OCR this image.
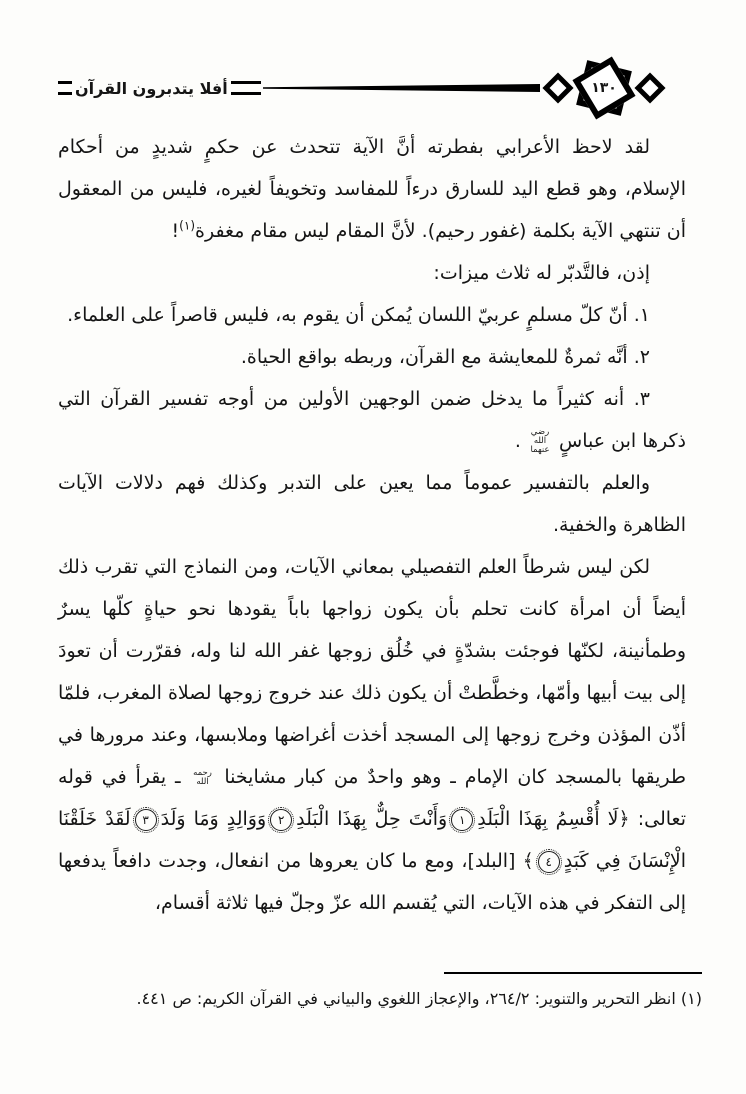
أفلا يتدبرون القرآن	١٣٠

لقد لاحظ الأعرابي بفطرته أنَّ الآية تتحدث عن حكمٍ شديدٍ من أحكام الإسلام، وهو قطع اليد للسارق درءاً للمفاسد وتخويفاً لغيره، فليس من المعقول أن تنتهي الآية بكلمة (غفور رحيم). لأنَّ المقام ليس مقام مغفرة$^{(١)}$!

إذن، فالتَّدبّر له ثلاث ميزات:

١. أنّ كلّ مسلمٍ عربيّ اللسان يُمكن أن يقوم به، فليس قاصراً على العلماء.

٢. أنَّه ثمرةٌ للمعايشة مع القرآن، وربطه بواقع الحياة.

٣. أنه كثيراً ما يدخل ضمن الوجهين الأولين من أوجه تفسير القرآن التي ذكرها ابن عباسٍ رضي الله عنهما .

والعلم بالتفسير عموماً مما يعين على التدبر وكذلك فهم دلالات الآيات الظاهرة والخفية.

لكن ليس شرطاً العلم التفصيلي بمعاني الآيات، ومن النماذج التي تقرب ذلك أيضاً أن امرأة كانت تحلم بأن يكون زواجها باباً يقودها نحو حياةٍ كلّها يسرٌ وطمأنينة، لكنّها فوجئت بشدّةٍ في خُلُق زوجها غفر الله لنا وله، فقرّرت أن تعودَ إلى بيت أبيها وأمّها، وخطَّطتْ أن يكون ذلك عند خروج زوجها لصلاة المغرب، فلمّا أذّن المؤذن وخرج زوجها إلى المسجد أخذت أغراضها وملابسها، وعند مرورها في طريقها بالمسجد كان الإمام ـ وهو واحدٌ من كبار مشايخنا رحمه الله ـ يقرأ في قوله تعالى: ﴿لَا أُقْسِمُ بِهَذَا الْبَلَدِ١وَأَنْتَ حِلٌّ بِهَذَا الْبَلَدِ٢وَوَالِدٍ وَمَا وَلَدَ٣لَقَدْ خَلَقْنَا الْإِنْسَانَ فِي كَبَدٍ٤﴾ [البلد]، ومع ما كان يعروها من انفعال، وجدت دافعاً يدفعها إلى التفكر في هذه الآيات، التي يُقسم الله عزّ وجلّ فيها ثلاثة أقسام،

(١) انظر التحرير والتنوير: ٢٦٤/٢، والإعجاز اللغوي والبياني في القرآن الكريم: ص ٤٤١.
